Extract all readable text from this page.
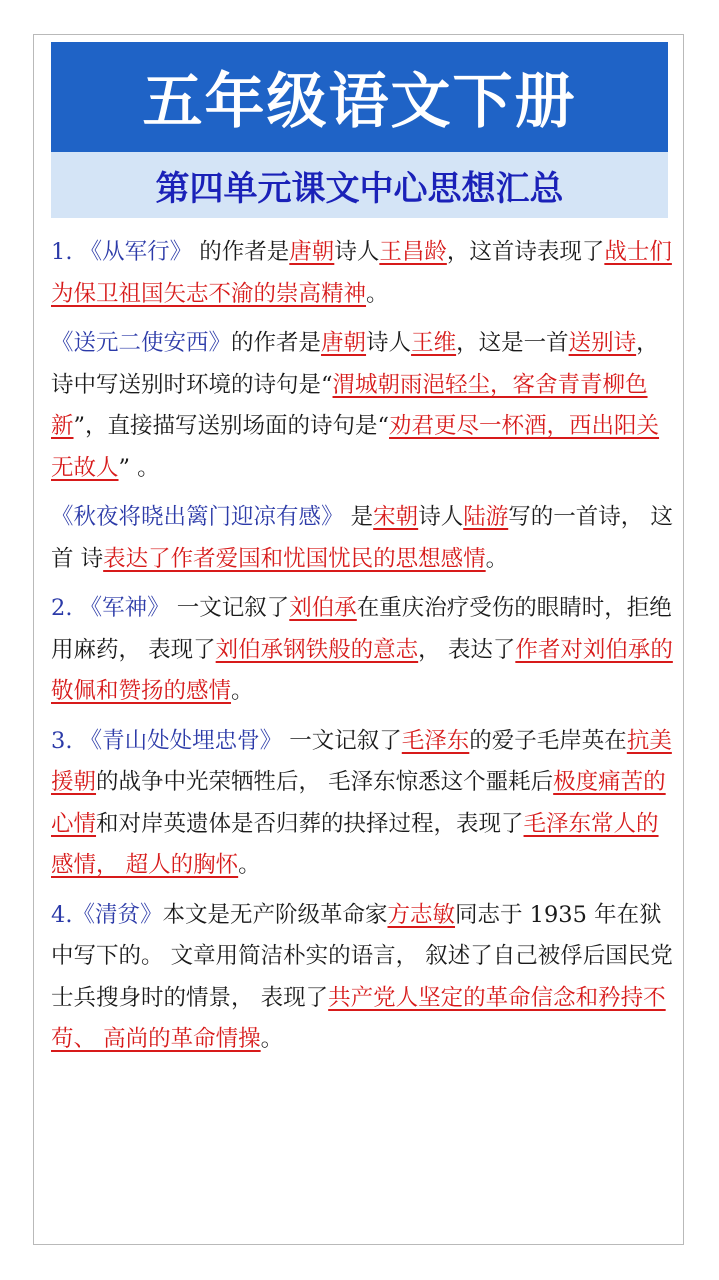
五年级语文下册
第四单元课文中心思想汇总

1. 《从军行》 的作者是唐朝诗人王昌龄，这首诗表现了战士们 为保卫祖国矢志不渝的崇高精神。

《送元二使安西》的作者是唐朝诗人王维，这是一首送别诗，诗中写送别时环境的诗句是“渭城朝雨浥轻尘，客舍青青柳色新”，直接描写送别场面的诗句是“劝君更尽一杯酒，西出阳关无故人” 。

《秋夜将晓出篱门迎凉有感》 是宋朝诗人陆游写的一首诗， 这首 诗表达了作者爱国和忧国忧民的思想感情。

2. 《军神》 一文记叙了刘伯承在重庆治疗受伤的眼睛时，拒绝用麻药， 表现了刘伯承钢铁般的意志， 表达了作者对刘伯承的敬佩和赞扬的感情。

3. 《青山处处埋忠骨》 一文记叙了毛泽东的爱子毛岸英在抗美援朝的战争中光荣牺牲后， 毛泽东惊悉这个噩耗后极度痛苦的心情和对岸英遗体是否归葬的抉择过程，表现了毛泽东常人的感情， 超人的胸怀。

4.《清贫》本文是无产阶级革命家方志敏同志于 1935 年在狱中写下的。 文章用简洁朴实的语言， 叙述了自己被俘后国民党士兵搜身时的情景， 表现了共产党人坚定的革命信念和矜持不苟、 高尚的革命情操。
